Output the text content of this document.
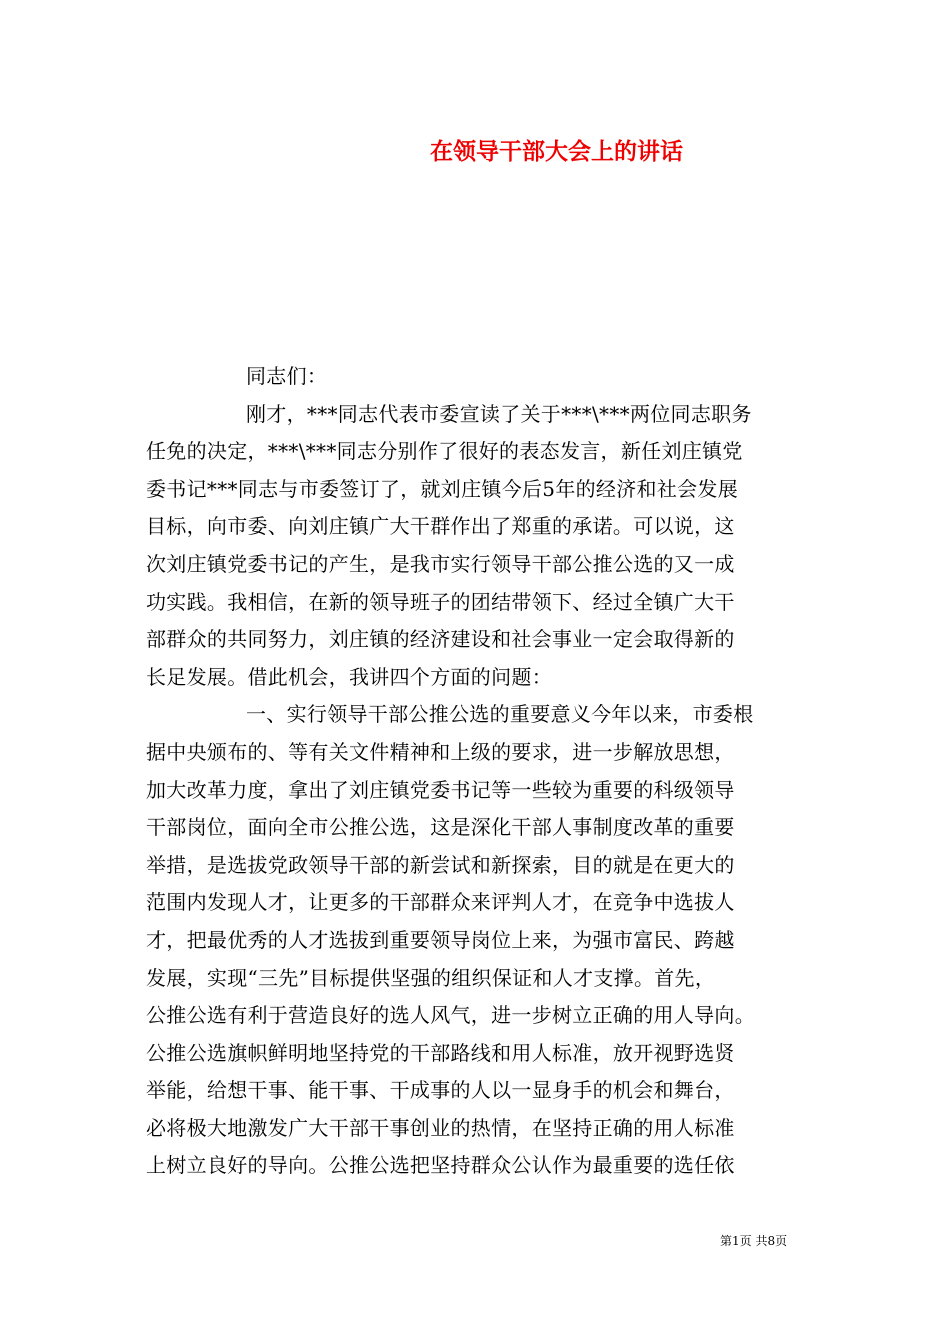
在领导干部大会上的讲话
同志们：
刚才，***同志代表市委宣读了关于***\***两位同志职务
任免的决定，***\***同志分别作了很好的表态发言，新任刘庄镇党
委书记***同志与市委签订了，就刘庄镇今后5年的经济和社会发展
目标，向市委、向刘庄镇广大干群作出了郑重的承诺。可以说，这
次刘庄镇党委书记的产生，是我市实行领导干部公推公选的又一成
功实践。我相信，在新的领导班子的团结带领下、经过全镇广大干
部群众的共同努力，刘庄镇的经济建设和社会事业一定会取得新的
长足发展。借此机会，我讲四个方面的问题：
一、实行领导干部公推公选的重要意义今年以来，市委根
据中央颁布的、等有关文件精神和上级的要求，进一步解放思想，
加大改革力度，拿出了刘庄镇党委书记等一些较为重要的科级领导
干部岗位，面向全市公推公选，这是深化干部人事制度改革的重要
举措，是选拔党政领导干部的新尝试和新探索，目的就是在更大的
范围内发现人才，让更多的干部群众来评判人才，在竞争中选拔人
才，把最优秀的人才选拔到重要领导岗位上来，为强市富民、跨越
发展，实现“三先”目标提供坚强的组织保证和人才支撑。首先，
公推公选有利于营造良好的选人风气，进一步树立正确的用人导向。
公推公选旗帜鲜明地坚持党的干部路线和用人标准，放开视野选贤
举能，给想干事、能干事、干成事的人以一显身手的机会和舞台，
必将极大地激发广大干部干事创业的热情，在坚持正确的用人标准
上树立良好的导向。公推公选把坚持群众公认作为最重要的选任依
第1页 共8页
